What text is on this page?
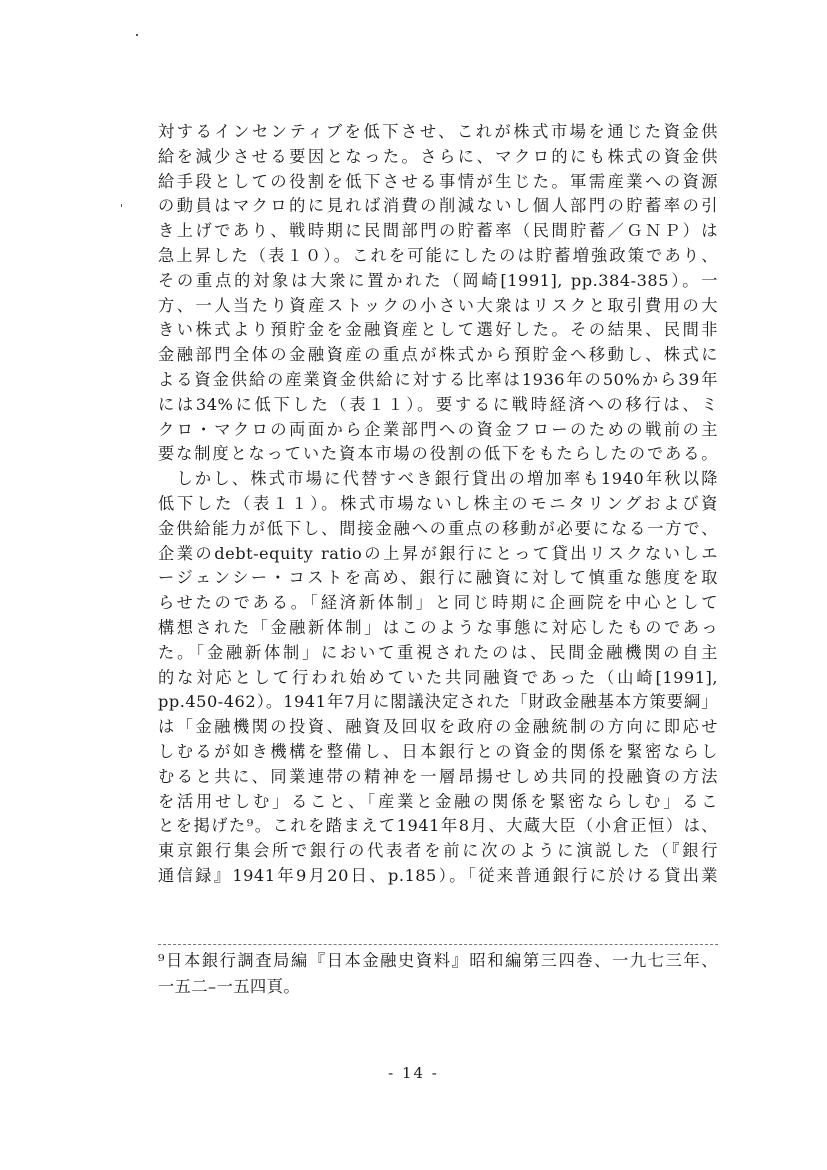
対するインセンティブを低下させ、これが株式市場を通じた資金供
給を減少させる要因となった。さらに、マクロ的にも株式の資金供
給手段としての役割を低下させる事情が生じた。軍需産業への資源
の動員はマクロ的に見れば消費の削減ないし個人部門の貯蓄率の引
き上げであり、戦時期に民間部門の貯蓄率（民間貯蓄／ＧＮＰ）は
急上昇した（表１０）。これを可能にしたのは貯蓄増強政策であり、
その重点的対象は大衆に置かれた（岡崎[1991], pp.384-385）。一
方、一人当たり資産ストックの小さい大衆はリスクと取引費用の大
きい株式より預貯金を金融資産として選好した。その結果、民間非
金融部門全体の金融資産の重点が株式から預貯金へ移動し、株式に
よる資金供給の産業資金供給に対する比率は1936年の50%から39年
には34%に低下した（表１１）。要するに戦時経済への移行は、ミ
クロ・マクロの両面から企業部門への資金フローのための戦前の主
要な制度となっていた資本市場の役割の低下をもたらしたのである。
　しかし、株式市場に代替すべき銀行貸出の増加率も1940年秋以降
低下した（表１１）。株式市場ないし株主のモニタリングおよび資
金供給能力が低下し、間接金融への重点の移動が必要になる一方で、
企業のdebt-equity ratioの上昇が銀行にとって貸出リスクないしエ
ージェンシー・コストを高め、銀行に融資に対して慎重な態度を取
らせたのである。「経済新体制」と同じ時期に企画院を中心として
構想された「金融新体制」はこのような事態に対応したものであっ
た。「金融新体制」において重視されたのは、民間金融機関の自主
的な対応として行われ始めていた共同融資であった（山崎[1991],
pp.450-462）。1941年7月に閣議決定された「財政金融基本方策要綱」
は「金融機関の投資、融資及回収を政府の金融統制の方向に即応せ
しむるが如き機構を整備し、日本銀行との資金的関係を緊密ならし
むると共に、同業連帯の精神を一層昂揚せしめ共同的投融資の方法
を活用せしむ」ること、「産業と金融の関係を緊密ならしむ」るこ
とを掲げた⁹。これを踏まえて1941年8月、大蔵大臣（小倉正恒）は、
東京銀行集会所で銀行の代表者を前に次のように演説した（『銀行
通信録』1941年9月20日、p.185）。「従来普通銀行に於ける貸出業
⁹日本銀行調査局編『日本金融史資料』昭和編第三四巻、一九七三年、
一五二–一五四頁。
- 14 -
